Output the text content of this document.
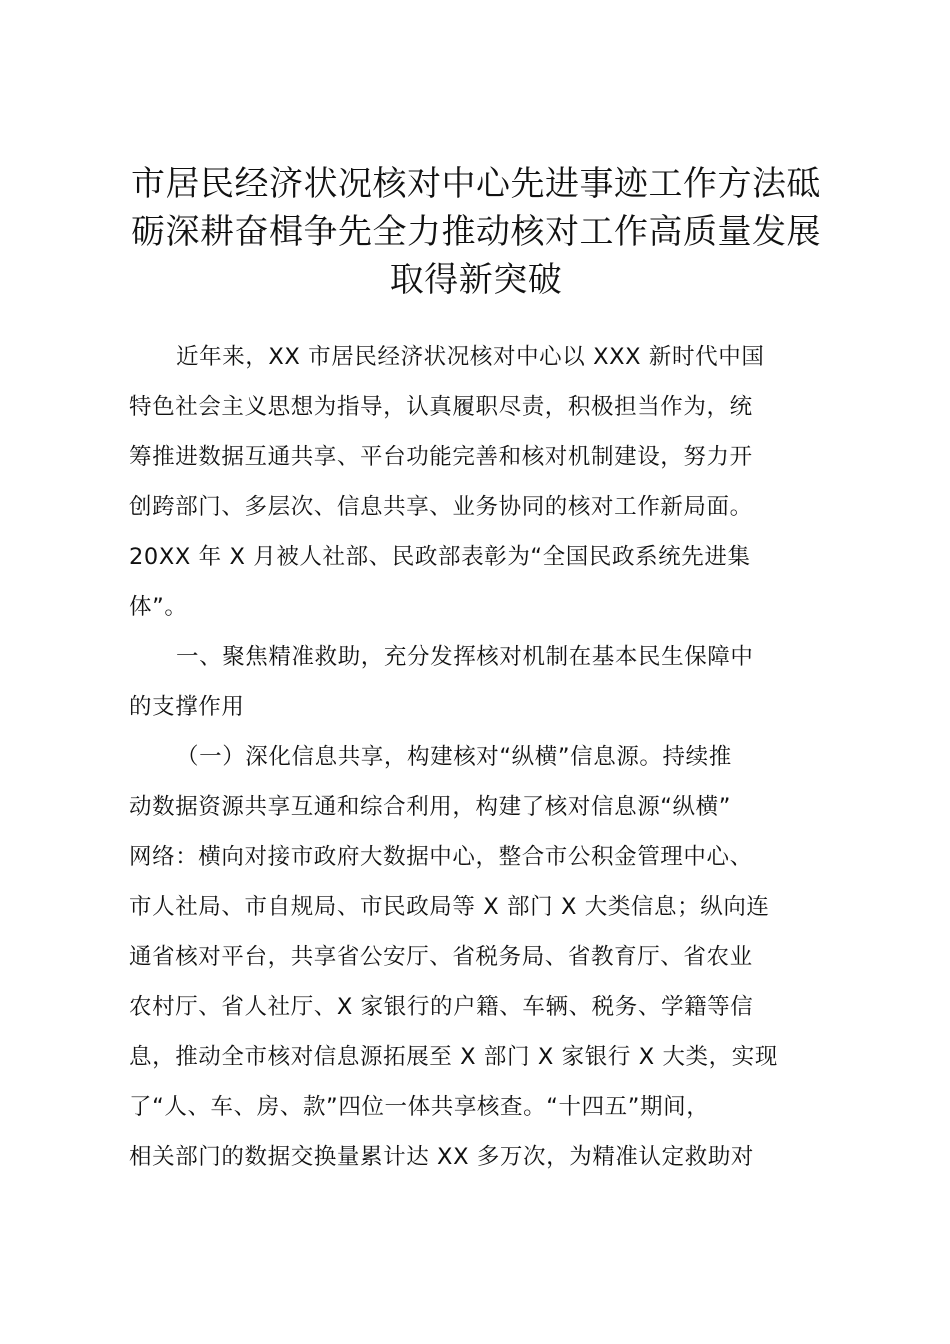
市居民经济状况核对中心先进事迹工作方法砥
砺深耕奋楫争先全力推动核对工作高质量发展
取得新突破
近年来，XX 市居民经济状况核对中心以 XXX 新时代中国
特色社会主义思想为指导，认真履职尽责，积极担当作为，统
筹推进数据互通共享、平台功能完善和核对机制建设，努力开
创跨部门、多层次、信息共享、业务协同的核对工作新局面。
20XX 年 X 月被人社部、民政部表彰为“全国民政系统先进集
体”。
一、聚焦精准救助，充分发挥核对机制在基本民生保障中
的支撑作用
（一）深化信息共享，构建核对“纵横”信息源。持续推
动数据资源共享互通和综合利用，构建了核对信息源“纵横”
网络：横向对接市政府大数据中心，整合市公积金管理中心、
市人社局、市自规局、市民政局等 X 部门 X 大类信息；纵向连
通省核对平台，共享省公安厅、省税务局、省教育厅、省农业
农村厅、省人社厅、X 家银行的户籍、车辆、税务、学籍等信
息，推动全市核对信息源拓展至 X 部门 X 家银行 X 大类，实现
了“人、车、房、款”四位一体共享核查。“十四五”期间，
相关部门的数据交换量累计达 XX 多万次，为精准认定救助对
